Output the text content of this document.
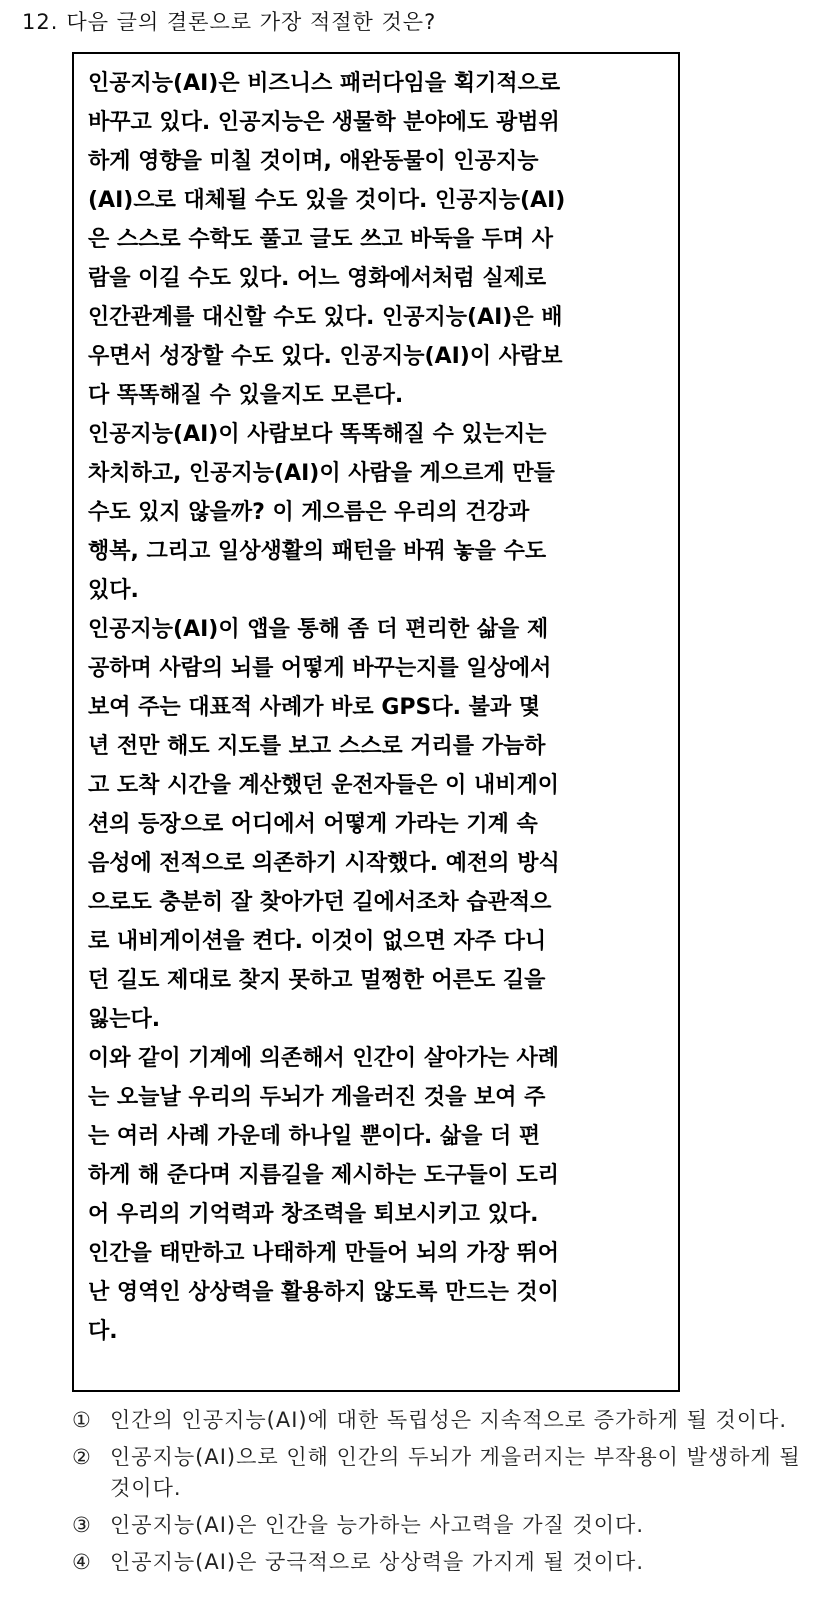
12. 다음 글의 결론으로 가장 적절한 것은?
인공지능(AI)은 비즈니스 패러다임을 획기적으로
바꾸고 있다. 인공지능은 생물학 분야에도 광범위
하게 영향을 미칠 것이며, 애완동물이 인공지능
(AI)으로 대체될 수도 있을 것이다. 인공지능(AI)
은 스스로 수학도 풀고 글도 쓰고 바둑을 두며 사
람을 이길 수도 있다. 어느 영화에서처럼 실제로
인간관계를 대신할 수도 있다. 인공지능(AI)은 배
우면서 성장할 수도 있다. 인공지능(AI)이 사람보
다 똑똑해질 수 있을지도 모른다.
인공지능(AI)이 사람보다 똑똑해질 수 있는지는
차치하고, 인공지능(AI)이 사람을 게으르게 만들
수도 있지 않을까? 이 게으름은 우리의 건강과
행복, 그리고 일상생활의 패턴을 바꿔 놓을 수도
있다.
인공지능(AI)이 앱을 통해 좀 더 편리한 삶을 제
공하며 사람의 뇌를 어떻게 바꾸는지를 일상에서
보여 주는 대표적 사례가 바로 GPS다. 불과 몇
년 전만 해도 지도를 보고 스스로 거리를 가늠하
고 도착 시간을 계산했던 운전자들은 이 내비게이
션의 등장으로 어디에서 어떻게 가라는 기계 속
음성에 전적으로 의존하기 시작했다. 예전의 방식
으로도 충분히 잘 찾아가던 길에서조차 습관적으
로 내비게이션을 켠다. 이것이 없으면 자주 다니
던 길도 제대로 찾지 못하고 멀쩡한 어른도 길을
잃는다.
이와 같이 기계에 의존해서 인간이 살아가는 사례
는 오늘날 우리의 두뇌가 게을러진 것을 보여 주
는 여러 사례 가운데 하나일 뿐이다. 삶을 더 편
하게 해 준다며 지름길을 제시하는 도구들이 도리
어 우리의 기억력과 창조력을 퇴보시키고 있다.
인간을 태만하고 나태하게 만들어 뇌의 가장 뛰어
난 영역인 상상력을 활용하지 않도록 만드는 것이
다.
① 인간의 인공지능(AI)에 대한 독립성은 지속적으로 증가하게 될 것이다.
② 인공지능(AI)으로 인해 인간의 두뇌가 게을러지는 부작용이 발생하게 될 것이다.
③ 인공지능(AI)은 인간을 능가하는 사고력을 가질 것이다.
④ 인공지능(AI)은 궁극적으로 상상력을 가지게 될 것이다.
